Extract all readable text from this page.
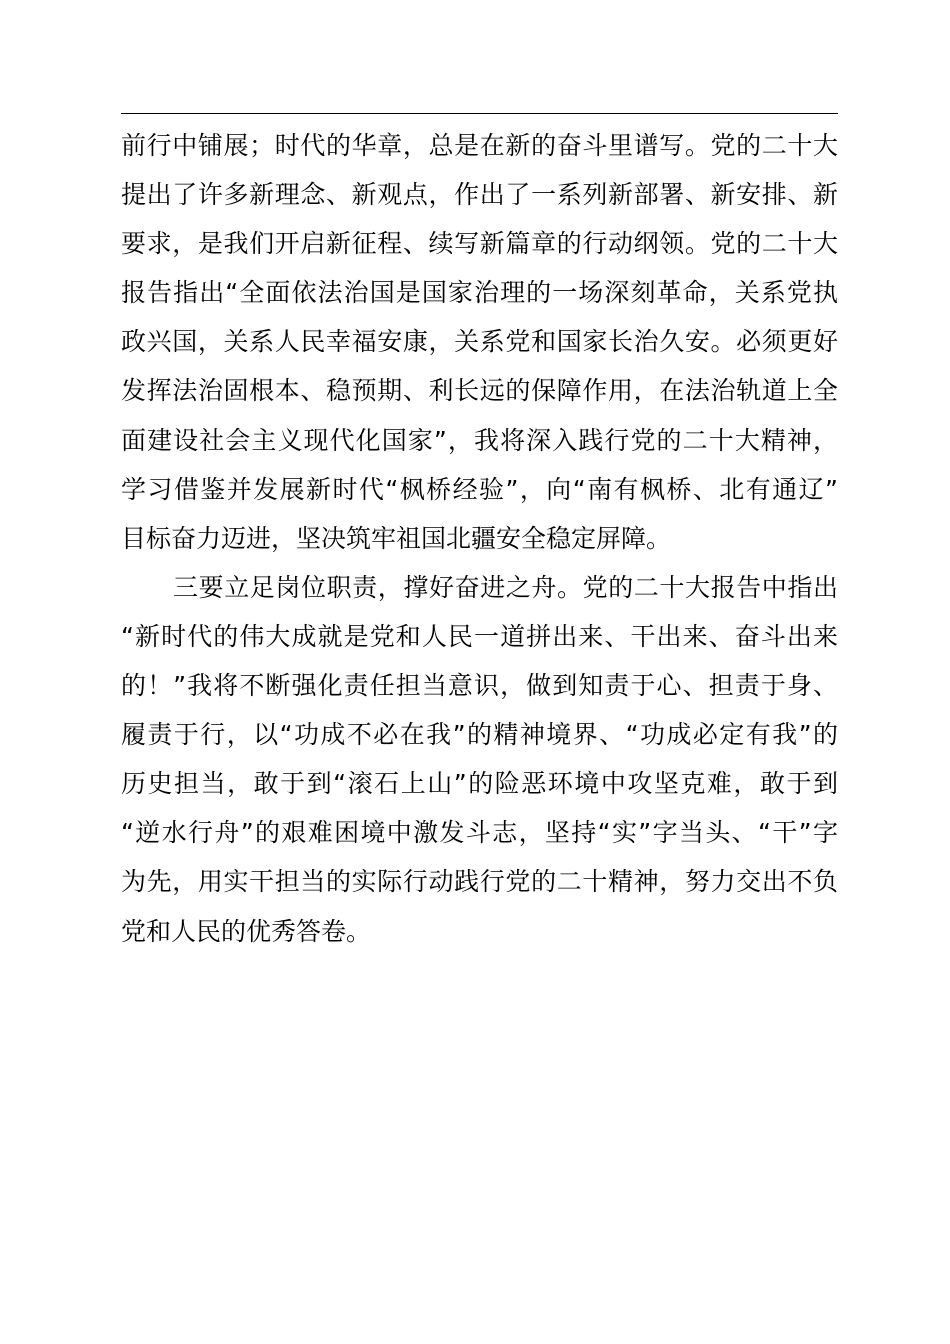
前行中铺展；时代的华章，总是在新的奋斗里谱写。党的二十大
提出了许多新理念、新观点，作出了一系列新部署、新安排、新
要求，是我们开启新征程、续写新篇章的行动纲领。党的二十大
报告指出“全面依法治国是国家治理的一场深刻革命，关系党执
政兴国，关系人民幸福安康，关系党和国家长治久安。必须更好
发挥法治固根本、稳预期、利长远的保障作用，在法治轨道上全
面建设社会主义现代化国家”，我将深入践行党的二十大精神，
学习借鉴并发展新时代“枫桥经验”，向“南有枫桥、北有通辽”
目标奋力迈进，坚决筑牢祖国北疆安全稳定屏障。
三要立足岗位职责，撑好奋进之舟。党的二十大报告中指出
“新时代的伟大成就是党和人民一道拼出来、干出来、奋斗出来
的！”我将不断强化责任担当意识，做到知责于心、担责于身、
履责于行，以“功成不必在我”的精神境界、“功成必定有我”的
历史担当，敢于到“滚石上山”的险恶环境中攻坚克难，敢于到
“逆水行舟”的艰难困境中激发斗志，坚持“实”字当头、“干”字
为先，用实干担当的实际行动践行党的二十精神，努力交出不负
党和人民的优秀答卷。
